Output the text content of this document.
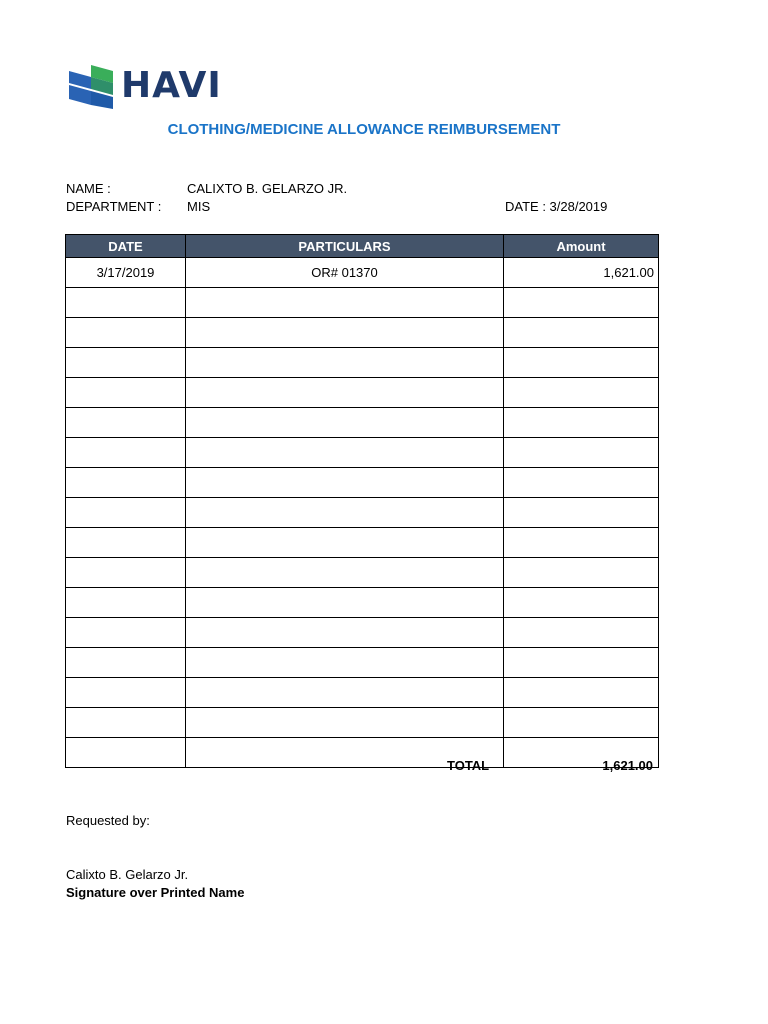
HAVI
CLOTHING/MEDICINE ALLOWANCE REIMBURSEMENT
NAME :	CALIXTO B. GELARZO JR.
DEPARTMENT : MIS	DATE : 3/28/2019
DATE	PARTICULARS	Amount
3/17/2019	OR# 01370	1,621.00

TOTAL	1,621.00
Requested by:
Calixto B. Gelarzo Jr.
Signature over Printed Name
